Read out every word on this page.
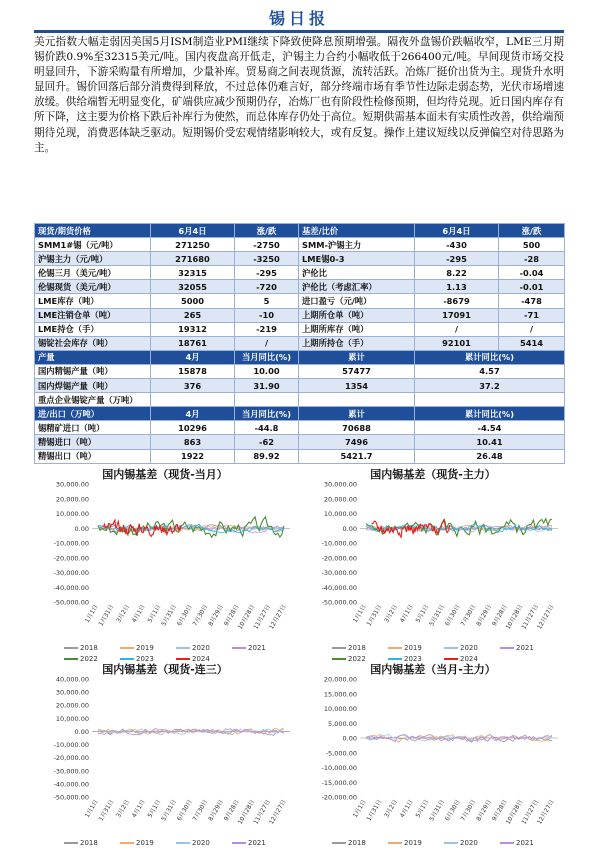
锡日报
美元指数大幅走弱因美国5月ISM制造业PMI继续下降致使降息预期增强。隔夜外盘锡价跌幅收窄，LME三月期锡价跌0.9%至32315美元/吨。国内夜盘高开低走，沪锡主力合约小幅收低于266400元/吨。早间现货市场交投明显回升，下游采购量有所增加，少量补库。贸易商之间表现货源，流转活跃。冶炼厂挺价出货为主。现货升水明显回升。锡价回落后部分消费得到释放，不过总体仍难言好，部分终端市场有季节性边际走弱态势，光伏市场增速放缓。供给端暂无明显变化，矿端供应减少预期仍存，冶炼厂也有阶段性检修预期，但均待兑现。近日国内库存有所下降，这主要为价格下跌后补库行为使然，而总体库存仍处于高位。短期供需基本面未有实质性改善，供给端预期待兑现，消费恶体缺乏驱动。短期锡价受宏观情绪影响较大，或有反复。操作上建议短线以反弹偏空对待思路为主。
现货/期货价格	6月4日	涨/跌	基差/比价	6月4日	涨/跌
SMM1#锡（元/吨）	271250	-2750	SMM-沪锡主力	-430	500
沪锡主力（元/吨）	271680	-3250	LME锡0-3	-295	-28
伦锡三月（美元/吨）	32315	-295	沪伦比	8.22	-0.04
伦锡现货（美元/吨）	32055	-720	沪伦比（考虑汇率）	1.13	-0.01
LME库存（吨）	5000	5	进口盈亏（元/吨）	-8679	-478
LME注销仓单（吨）	265	-10	上期所仓单（吨）	17091	-71
LME持仓（手）	19312	-219	上期所库存（吨）	/	/
锡锭社会库存（吨）	18761	/	上期所持仓（手）	92101	5414
产量	4月	当月同比(%)	累计	累计同比(%)	
国内精锡产量（吨）	15878	10.00	57477	4.57	
国内焊锡产量（吨）	376	31.90	1354	37.2	
重点企业锡锭产量（万吨）					
进/出口（万吨）	4月	当月同比(%)	累计	累计同比(%)	
锡精矿进口（吨）	10296	-44.8	70688	-4.54	
精锡进口（吨）	863	-62	7496	10.41	
精锡出口（吨）	1922	89.92	5421.7	26.48	
国内锡基差（现货-当月）
30,000.00
20,000.00
10,000.00
0.00
-10,000.00
-20,000.00
-30,000.00
-40,000.00
-50,000.00
1月1日
1月31日 3月2日 4月1日 5月1日
5月31日
6月30日
7月30日
8月29日
9月28日
10月28日
11月27日
12月27日
2018	2019	2020	2021
2022	2023	2024
国内锡基差（现货-主力）
30,000.00
20,000.00
10,000.00
0.00
-10,000.00
-20,000.00
-30,000.00
-40,000.00
-50,000.00
1月1日
1月31日 3月2日 4月1日 5月1日
5月31日
6月30日
7月30日
8月29日
9月28日
10月28日
11月27日
12月27日
2018	2019	2020	2021
2022	2023	2024
国内锡基差（现货-连三）
40,000.00
30,000.00
20,000.00
10,000.00
0.00
-10,000.00
-20,000.00
-30,000.00
-40,000.00
-50,000.00
1月1日
1月31日 3月2日 4月1日 5月1日
5月31日
6月30日
7月30日
8月29日
9月28日
10月28日
11月27日
12月27日
2018	2019	2020	2021
国内锡基差（当月-主力）
20,000.00
15,000.00
10,000.00
5,000.00
0.00
-5,000.00
-10,000.00
-15,000.00
-20,000.00
1月1日
1月31日 3月2日 4月1日 5月1日
5月31日
6月30日
7月30日
8月29日
9月28日
10月28日
11月27日
12月27日
2018	2019	2020	2021
